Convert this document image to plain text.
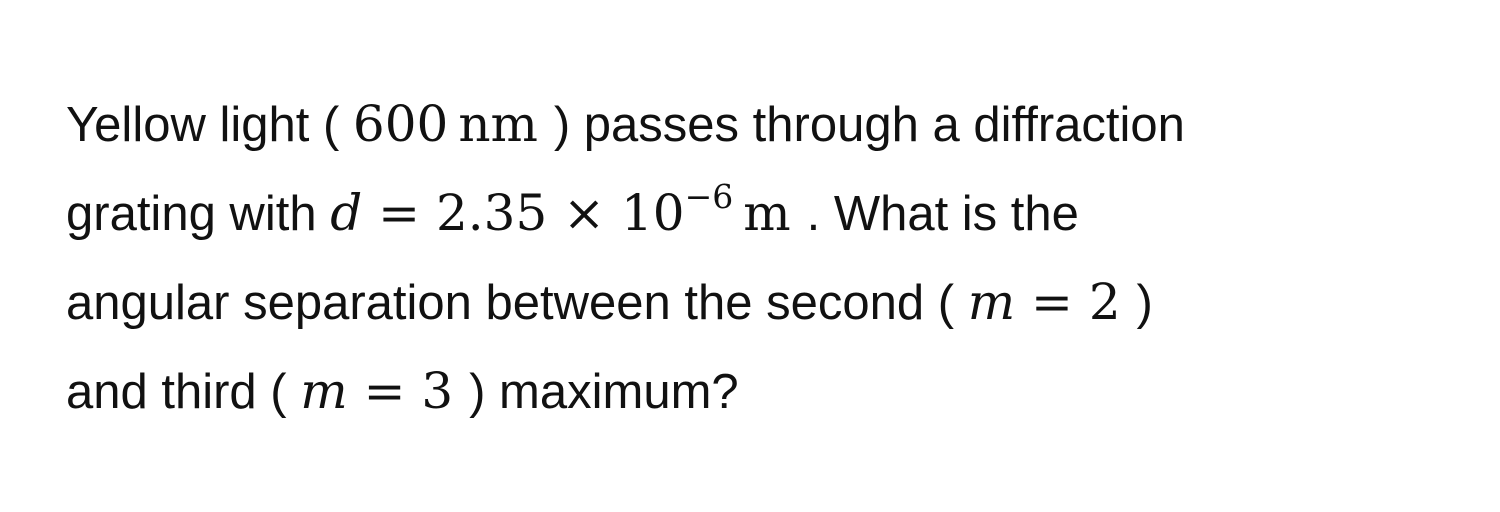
Yellow light ( 600  nm ) passes through a diffraction
grating with $d = 2.35 \times 10^{-6}$  m . What is the
angular separation between the second ( m = 2 )
and third ( m = 3 ) maximum?
